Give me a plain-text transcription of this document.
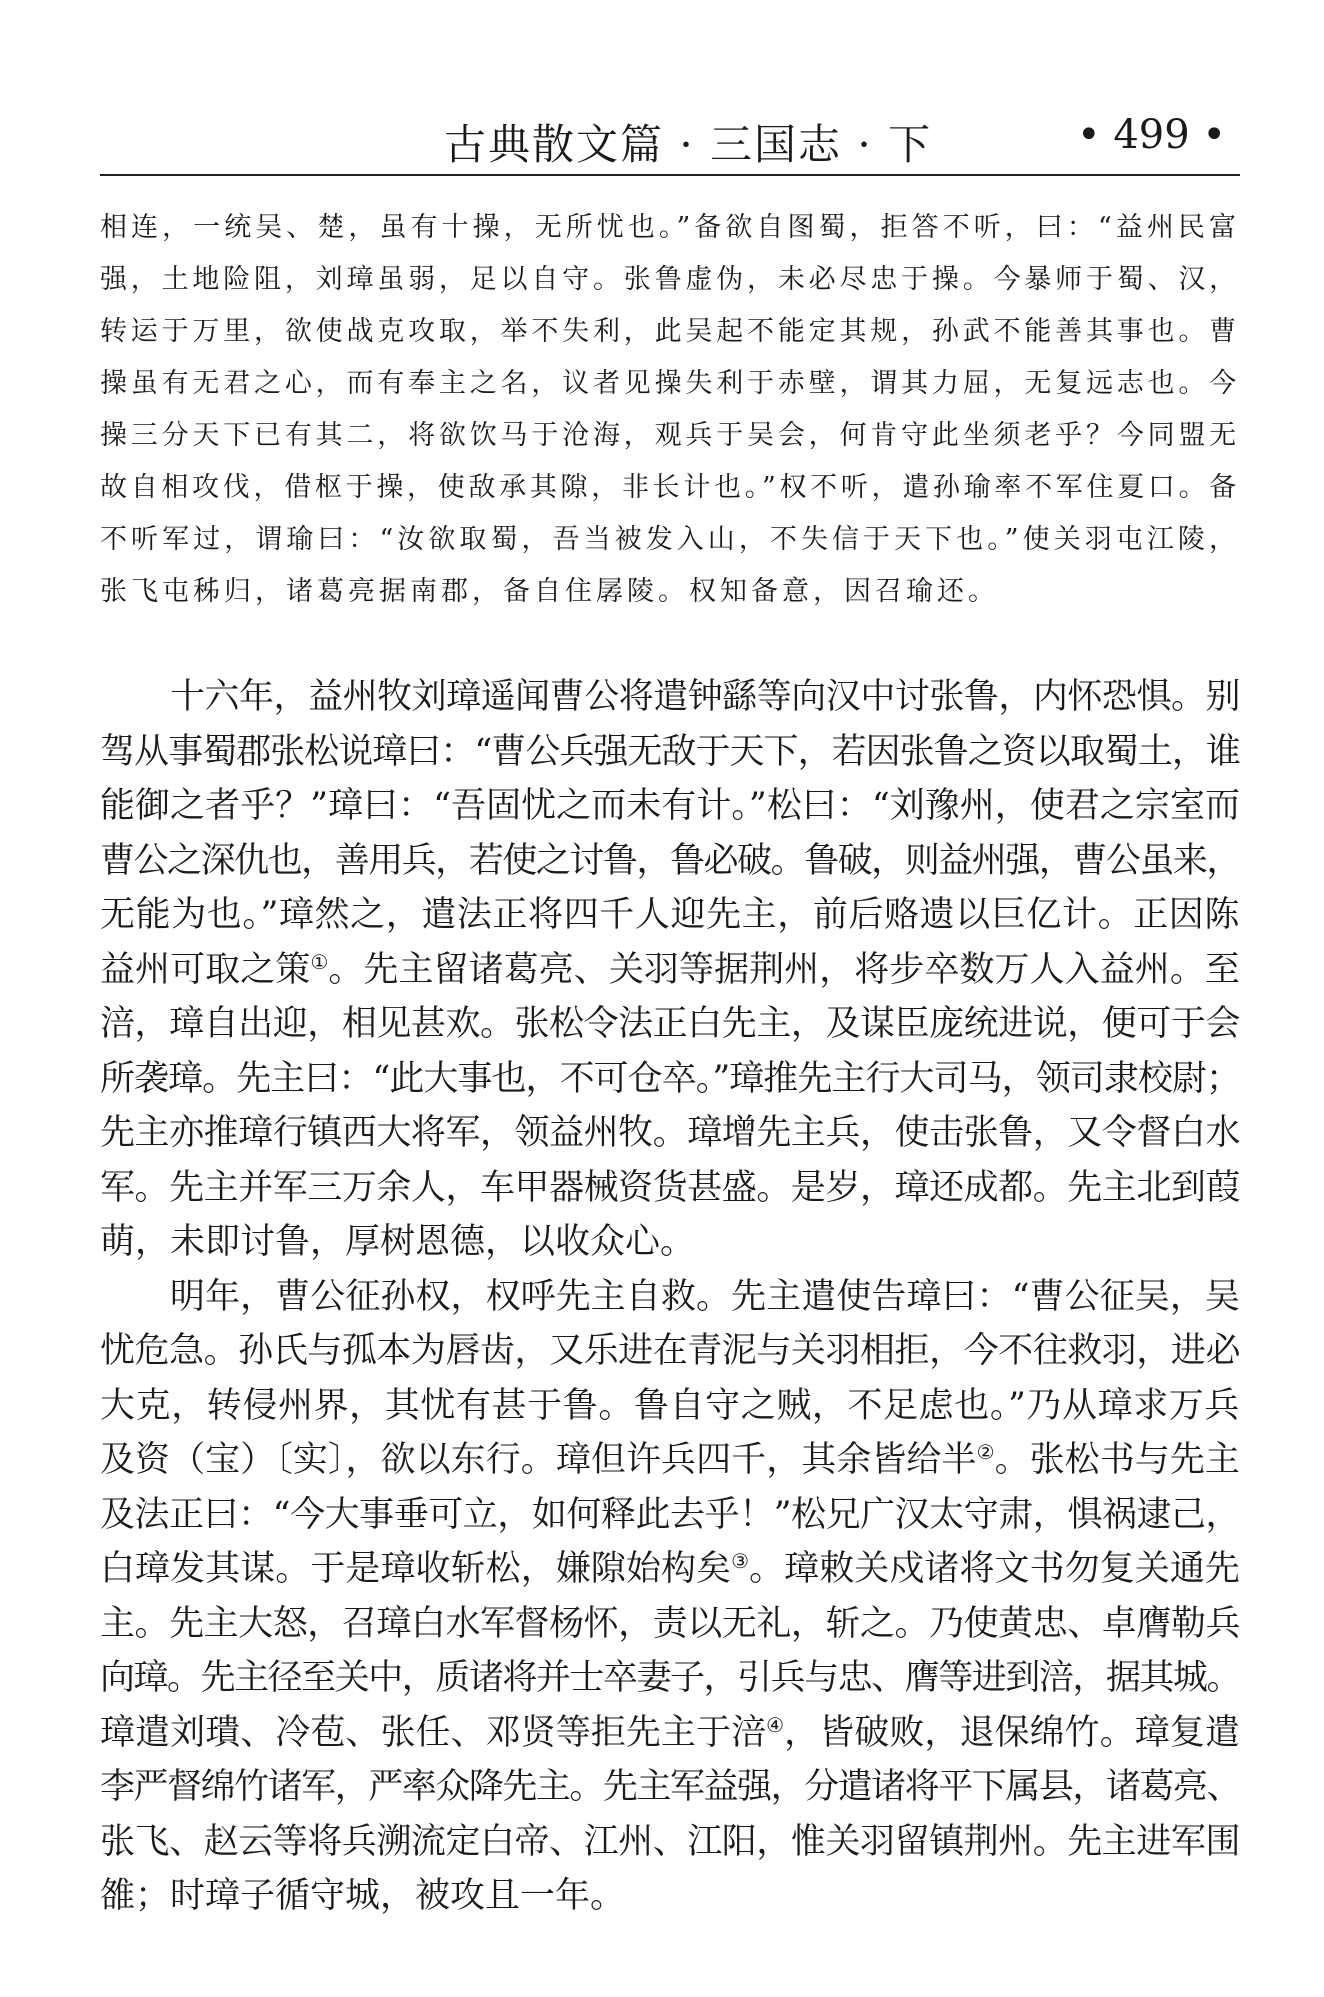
古典散文篇 · 三国志 · 下	• 499 •
相连，一统吴、楚，虽有十操，无所忧也。”备欲自图蜀，拒答不听，曰：“益州民富
强，土地险阻，刘璋虽弱，足以自守。张鲁虚伪，未必尽忠于操。今暴师于蜀、汉，
转运于万里，欲使战克攻取，举不失利，此吴起不能定其规，孙武不能善其事也。曹
操虽有无君之心，而有奉主之名，议者见操失利于赤壁，谓其力屈，无复远志也。今
操三分天下已有其二，将欲饮马于沧海，观兵于吴会，何肯守此坐须老乎？今同盟无
故自相攻伐，借枢于操，使敌承其隙，非长计也。”权不听，遣孙瑜率不军住夏口。备
不听军过，谓瑜曰：“汝欲取蜀，吾当被发入山，不失信于天下也。”使关羽屯江陵，
张飞屯秭归，诸葛亮据南郡，备自住孱陵。权知备意，因召瑜还。
十六年，益州牧刘璋遥闻曹公将遣钟繇等向汉中讨张鲁，内怀恐惧。别
驾从事蜀郡张松说璋曰：“曹公兵强无敌于天下，若因张鲁之资以取蜀土，谁
能御之者乎？”璋曰：“吾固忧之而未有计。”松曰：“刘豫州，使君之宗室而
曹公之深仇也，善用兵，若使之讨鲁，鲁必破。鲁破，则益州强，曹公虽来，
无能为也。”璋然之，遣法正将四千人迎先主，前后赂遗以巨亿计。正因陈
益州可取之策①。先主留诸葛亮、关羽等据荆州，将步卒数万人入益州。至
涪，璋自出迎，相见甚欢。张松令法正白先主，及谋臣庞统进说，便可于会
所袭璋。先主曰：“此大事也，不可仓卒。”璋推先主行大司马，领司隶校尉；
先主亦推璋行镇西大将军，领益州牧。璋增先主兵，使击张鲁，又令督白水
军。先主并军三万余人，车甲器械资货甚盛。是岁，璋还成都。先主北到葭
萌，未即讨鲁，厚树恩德，以收众心。
明年，曹公征孙权，权呼先主自救。先主遣使告璋曰：“曹公征吴，吴
忧危急。孙氏与孤本为唇齿，又乐进在青泥与关羽相拒，今不往救羽，进必
大克，转侵州界，其忧有甚于鲁。鲁自守之贼，不足虑也。”乃从璋求万兵
及资（宝）〔实〕，欲以东行。璋但许兵四千，其余皆给半②。张松书与先主
及法正曰：“今大事垂可立，如何释此去乎！”松兄广汉太守肃，惧祸逮己，
白璋发其谋。于是璋收斩松，嫌隙始构矣③。璋敕关戍诸将文书勿复关通先
主。先主大怒，召璋白水军督杨怀，责以无礼，斩之。乃使黄忠、卓膺勒兵
向璋。先主径至关中，质诸将并士卒妻子，引兵与忠、膺等进到涪，据其城。
璋遣刘璝、冷苞、张任、邓贤等拒先主于涪④，皆破败，退保绵竹。璋复遣
李严督绵竹诸军，严率众降先主。先主军益强，分遣诸将平下属县，诸葛亮、
张飞、赵云等将兵溯流定白帝、江州、江阳，惟关羽留镇荆州。先主进军围
雒；时璋子循守城，被攻且一年。
